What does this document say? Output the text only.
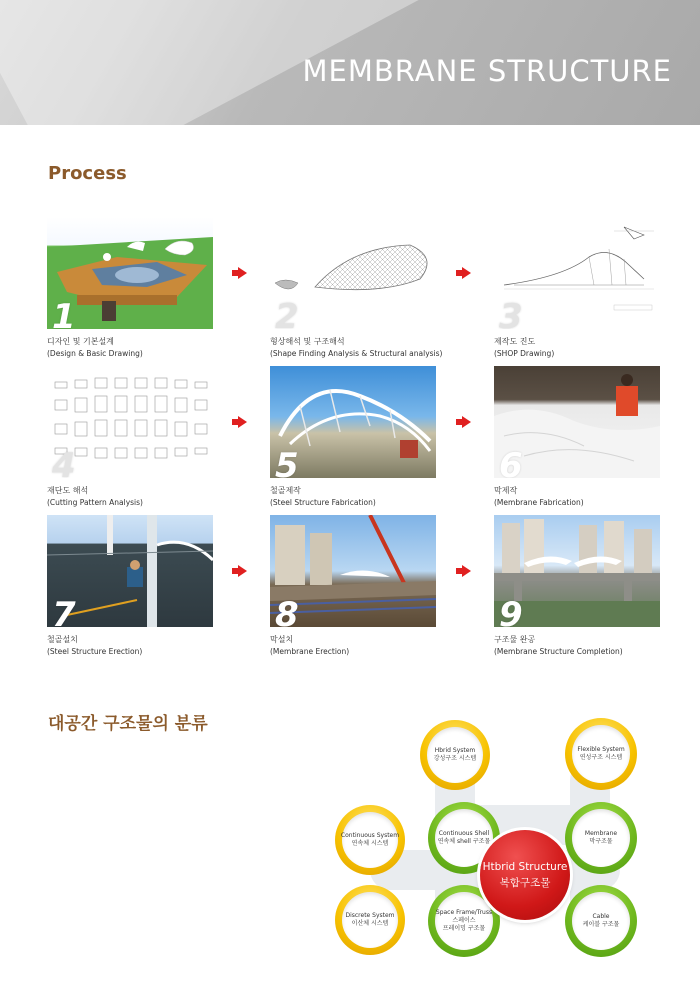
MEMBRANE STRUCTURE
Process
1
디자인 및 기본설계
(Design & Basic Drawing)
2
형상해석 및 구조해석
(Shape Finding Analysis & Structural analysis)
3
제작도 진도
(SHOP Drawing)
4
재단도 해석
(Cutting Pattern Analysis)
5
철골제작
(Steel Structure Fabrication)
6
막제작
(Membrane Fabrication)
7
철골설치
(Steel Structure Erection)
8
막설치
(Membrane Erection)
9
구조물 완공
(Membrane Structure Completion)
대공간 구조물의 분류
Hbrid System
강성구조 시스템
Flexible System
연성구조 시스템
Continuous System
연속체 시스템
Continuous Shell
연속체 shell 구조물
Membrane
막구조물
Discrete System
이산체 시스템
Space Frame/Truss
스페이스
프레이밍 구조물
Cable
케이블 구조물
Htbrid Structure
복합구조물
